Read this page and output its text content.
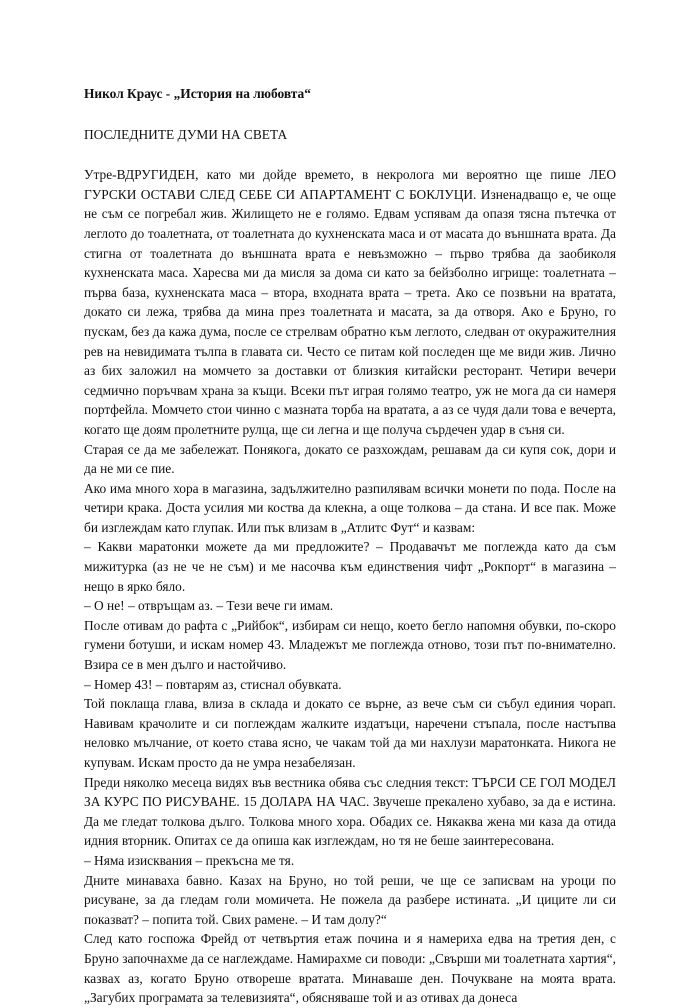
Никол Краус - „История на любовта“
ПОСЛЕДНИТЕ ДУМИ НА СВЕТА

Утре-ВДРУГИДЕН, като ми дойде времето, в некролога ми вероятно ще пише ЛЕО ГУРСКИ ОСТАВИ СЛЕД СЕБЕ СИ АПАРТАМЕНТ С БОКЛУЦИ. Изненадващо е, че още не съм се погребал жив. Жилището не е голямо. Едвам успявам да опазя тясна пътечка от леглото до тоалетната, от тоалетната до кухненската маса и от масата до външната врата. Да стигна от тоалетната до външната врата е невъзможно – първо трябва да заобиколя кухненската маса. Харесва ми да мисля за дома си като за бейзболно игрище: тоалетната – първа база, кухненската маса – втора, входната врата – трета. Ако се позвъни на вратата, докато си лежа, трябва да мина през тоалетната и масата, за да отворя. Ако е Бруно, го пускам, без да кажа дума, после се стрелвам обратно към леглото, следван от окуражителния рев на невидимата тълпа в главата си. Често се питам кой последен ще ме види жив. Лично аз бих заложил на момчето за доставки от близкия китайски ресторант. Четири вечери седмично поръчвам храна за къщи. Всеки път играя голямо театро, уж не мога да си намеря портфейла. Момчето стои чинно с мазната торба на вратата, а аз се чудя дали това е вечерта, когато ще доям пролетните рулца, ще си легна и ще получа сърдечен удар в съня си.

Старая се да ме забележат. Понякога, докато се разхождам, решавам да си купя сок, дори и да не ми се пие.

Ако има много хора в магазина, задължително разпилявам всички монети по пода. После на четири крака. Доста усилия ми коства да клекна, а още толкова – да стана. И все пак. Може би изглеждам като глупак. Или пък влизам в „Атлитс Фут“ и казвам:

– Какви маратонки можете да ми предложите? – Продавачът ме поглежда като да съм мижитурка (аз не че не съм) и ме насочва към единствения чифт „Рокпорт“ в магазина – нещо в ярко бяло.

– О не! – отвръщам аз. – Тези вече ги имам.

После отивам до рафта с „Рийбок“, избирам си нещо, което бегло напомня обувки, по-скоро гумени ботуши, и искам номер 43. Младежът ме поглежда отново, този път по-внимателно. Взира се в мен дълго и настойчиво.

– Номер 43! – повтарям аз, стиснал обувката.

Той поклаща глава, влиза в склада и докато се върне, аз вече съм си събул единия чорап. Навивам крачолите и си поглеждам жалките издатъци, наречени стъпала, после настъпва неловко мълчание, от което става ясно, че чакам той да ми нахлузи маратонката. Никога не купувам. Искам просто да не умра незабелязан.

Преди няколко месеца видях във вестника обява със следния текст: ТЪРСИ СЕ ГОЛ МОДЕЛ ЗА КУРС ПО РИСУВАНЕ. 15 ДОЛАРА НА ЧАС. Звучеше прекалено хубаво, за да е истина. Да ме гледат толкова дълго. Толкова много хора. Обадих се. Някаква жена ми каза да отида идния вторник. Опитах се да опиша как изглеждам, но тя не беше заинтересована.

– Няма изисквания – прекъсна ме тя.

Дните минаваха бавно. Казах на Бруно, но той реши, че ще се записвам на уроци по рисуване, за да гледам голи момичета. Не пожела да разбере истината. „И циците ли си показват? – попита той. Свих рамене. – И там долу?“

След като госпожа Фрейд от четвъртия етаж почина и я намериха едва на третия ден, с Бруно започнахме да се наглеждаме. Намирахме си поводи: „Свърши ми тоалетната хартия“, казвах аз, когато Бруно отвореше вратата. Минаваше ден. Почукване на моята врата. „Загубих програмата за телевизията“, обясняваше той и аз отивах да донеса
